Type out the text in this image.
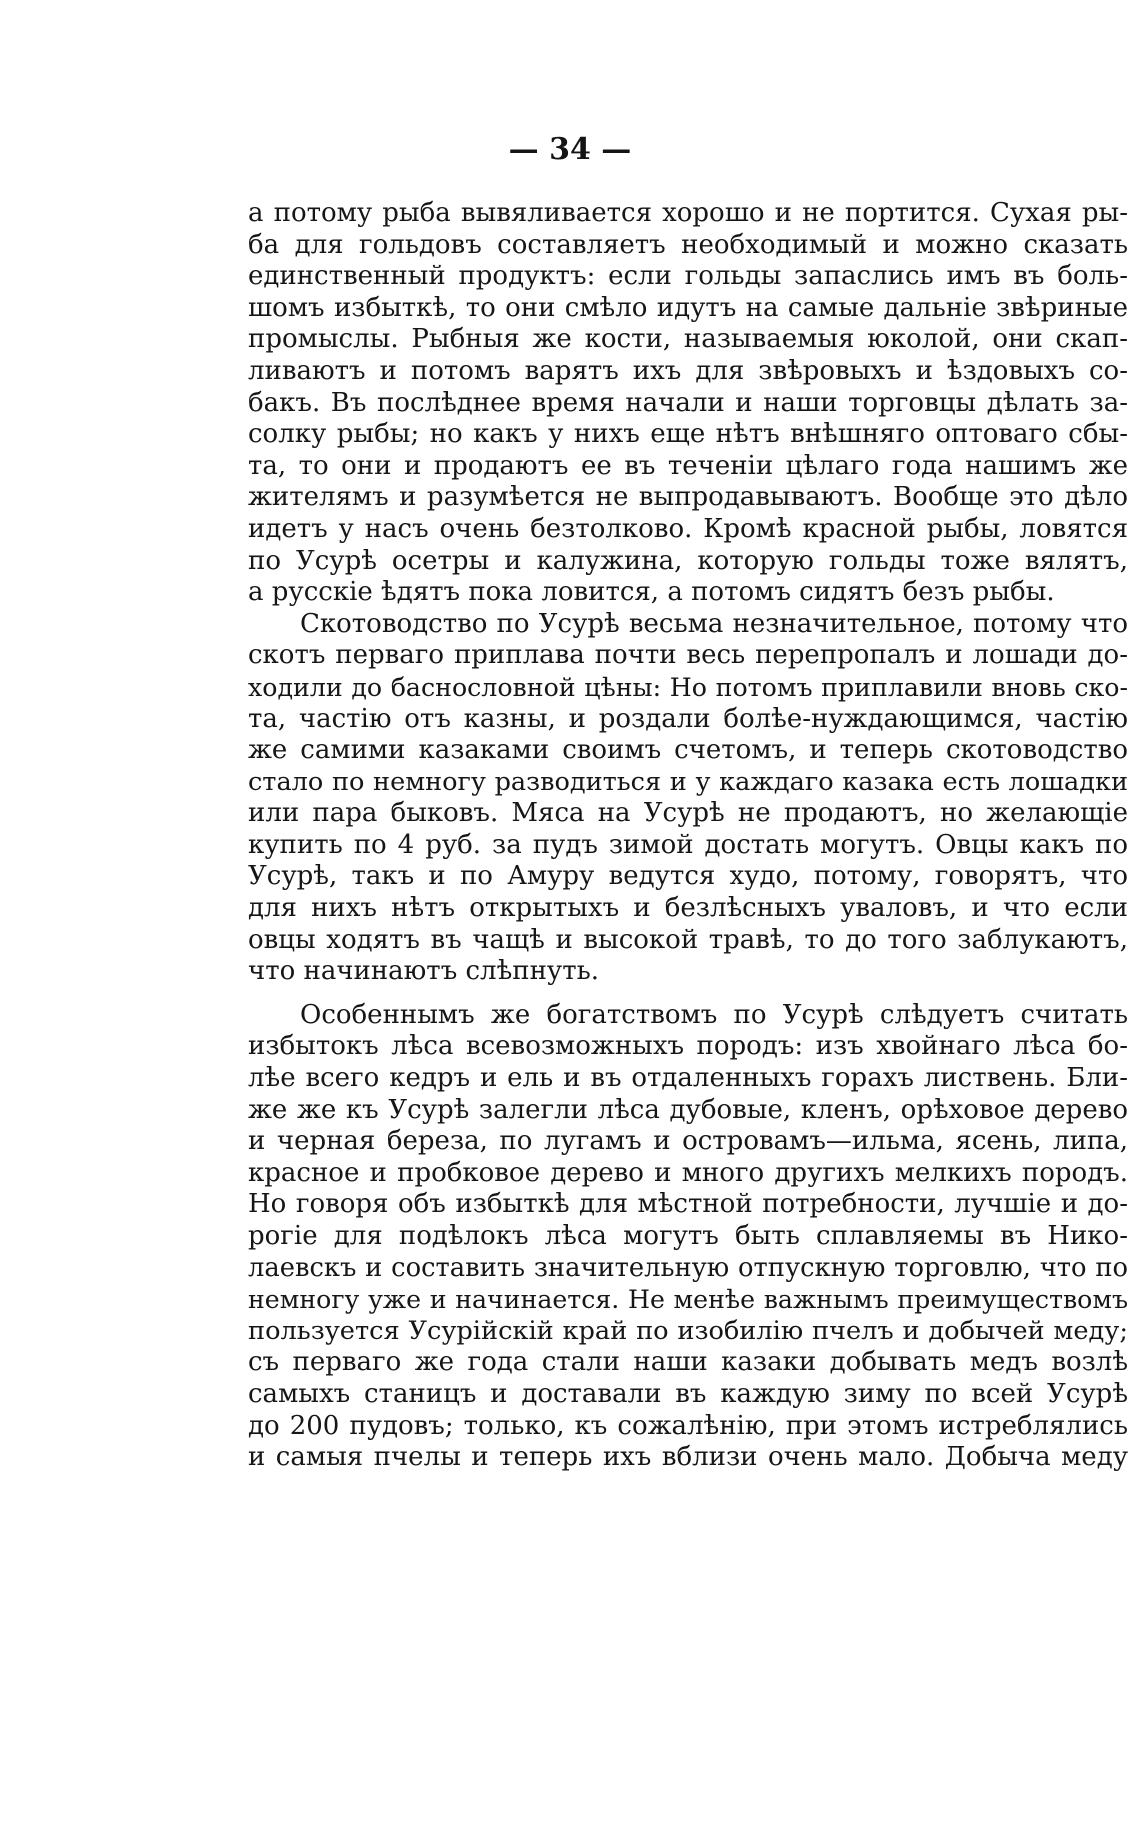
— 34 —
а потому рыба вывяливается хорошо и не портится. Сухая ры-
ба для гольдовъ составляетъ необходимый и можно сказать
единственный продуктъ: если гольды запаслись имъ въ боль-
шомъ избыткѣ, то они смѣло идутъ на самые дальніе звѣриные
промыслы. Рыбныя же кости, называемыя юколой, они скап-
ливаютъ и потомъ варятъ ихъ для звѣровыхъ и ѣздовыхъ со-
бакъ. Въ послѣднее время начали и наши торговцы дѣлать за-
солку рыбы; но какъ у нихъ еще нѣтъ внѣшняго оптоваго сбы-
та, то они и продаютъ ее въ теченіи цѣлаго года нашимъ же
жителямъ и разумѣется не выпродавываютъ. Вообще это дѣло
идетъ у насъ очень безтолково. Кромѣ красной рыбы, ловятся
по Усурѣ осетры и калужина, которую гольды тоже вялятъ,
а русскіе ѣдятъ пока ловится, а потомъ сидятъ безъ рыбы.
Скотоводство по Усурѣ весьма незначительное, потому что
скотъ перваго приплава почти весь перепропалъ и лошади до-
ходили до баснословной цѣны: Но потомъ приплавили вновь ско-
та, частію отъ казны, и роздали болѣе-нуждающимся, частію
же самими казаками своимъ счетомъ, и теперь скотоводство
стало по немногу разводиться и у каждаго казака есть лошадки
или пара быковъ. Мяса на Усурѣ не продаютъ, но желающіе
купить по 4 руб. за пудъ зимой достать могутъ. Овцы какъ по
Усурѣ, такъ и по Амуру ведутся худо, потому, говорятъ, что
для нихъ нѣтъ открытыхъ и безлѣсныхъ уваловъ, и что если
овцы ходятъ въ чащѣ и высокой травѣ, то до того заблукаютъ,
что начинаютъ слѣпнуть.
Особеннымъ же богатствомъ по Усурѣ слѣдуетъ считать
избытокъ лѣса всевозможныхъ породъ: изъ хвойнаго лѣса бо-
лѣе всего кедръ и ель и въ отдаленныхъ горахъ листвень. Бли-
же же къ Усурѣ залегли лѣса дубовые, кленъ, орѣховое дерево
и черная береза, по лугамъ и островамъ—ильма, ясень, липа,
красное и пробковое дерево и много другихъ мелкихъ породъ.
Но говоря объ избыткѣ для мѣстной потребности, лучшіе и до-
рогіе для подѣлокъ лѣса могутъ быть сплавляемы въ Нико-
лаевскъ и составить значительную отпускную торговлю, что по
немногу уже и начинается. Не менѣе важнымъ преимуществомъ
пользуется Усурійскій край по изобилію пчелъ и добычей меду;
съ перваго же года стали наши казаки добывать медъ возлѣ
самыхъ станицъ и доставали въ каждую зиму по всей Усурѣ
до 200 пудовъ; только, къ сожалѣнію, при этомъ истреблялись
и самыя пчелы и теперь ихъ вблизи очень мало. Добыча меду
